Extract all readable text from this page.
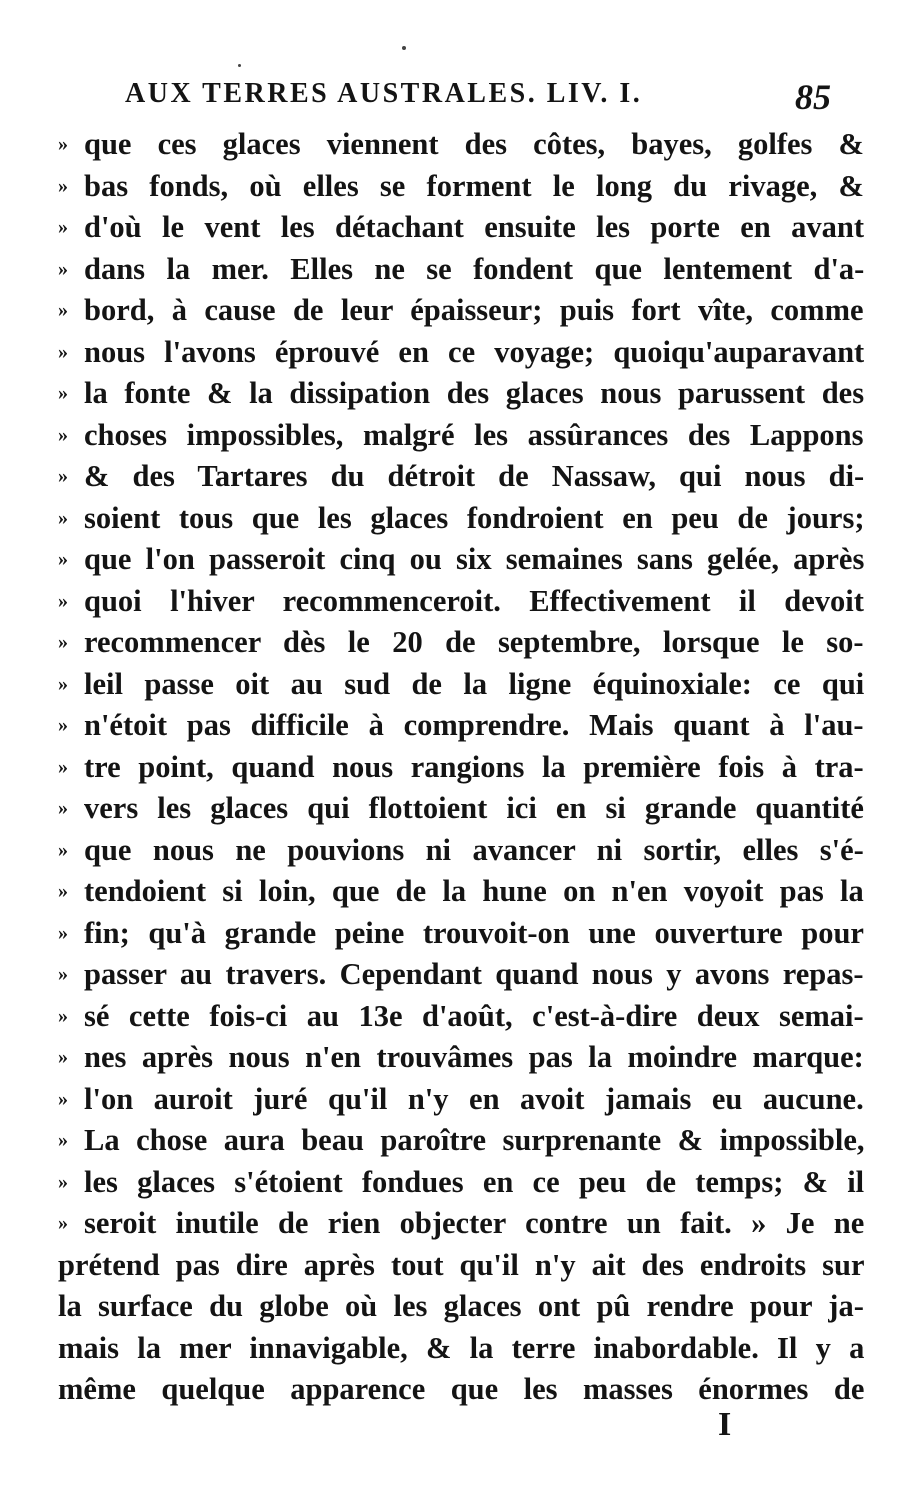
AUX TERRES AUSTRALES. LIV. I.	85
» que ces glaces viennent des côtes, bayes, golfes &
» bas fonds, où elles se forment le long du rivage, &
» d'où le vent les détachant ensuite les porte en avant
» dans la mer. Elles ne se fondent que lentement d'a-
» bord, à cause de leur épaisseur; puis fort vîte, comme
» nous l'avons éprouvé en ce voyage; quoiqu'auparavant
» la fonte & la dissipation des glaces nous parussent des
» choses impossibles, malgré les assûrances des Lappons
» & des Tartares du détroit de Nassaw, qui nous di-
» soient tous que les glaces fondroient en peu de jours;
» que l'on passeroit cinq ou six semaines sans gelée, après
» quoi l'hiver recommenceroit. Effectivement il devoit
» recommencer dès le 20 de septembre, lorsque le so-
» leil passe oit au sud de la ligne équinoxiale: ce qui
» n'étoit pas difficile à comprendre. Mais quant à l'au-
» tre point, quand nous rangions la première fois à tra-
» vers les glaces qui flottoient ici en si grande quantité
» que nous ne pouvions ni avancer ni sortir, elles s'é-
» tendoient si loin, que de la hune on n'en voyoit pas la
» fin; qu'à grande peine trouvoit-on une ouverture pour
» passer au travers. Cependant quand nous y avons repas-
» sé cette fois-ci au 13e d'août, c'est-à-dire deux semai-
» nes après nous n'en trouvâmes pas la moindre marque:
» l'on auroit juré qu'il n'y en avoit jamais eu aucune.
» La chose aura beau paroître surprenante & impossible,
» les glaces s'étoient fondues en ce peu de temps; & il
» seroit inutile de rien objecter contre un fait. » Je ne
prétend pas dire après tout qu'il n'y ait des endroits sur
la surface du globe où les glaces ont pû rendre pour ja-
mais la mer innavigable, & la terre inabordable. Il y a
même quelque apparence que les masses énormes de
I
